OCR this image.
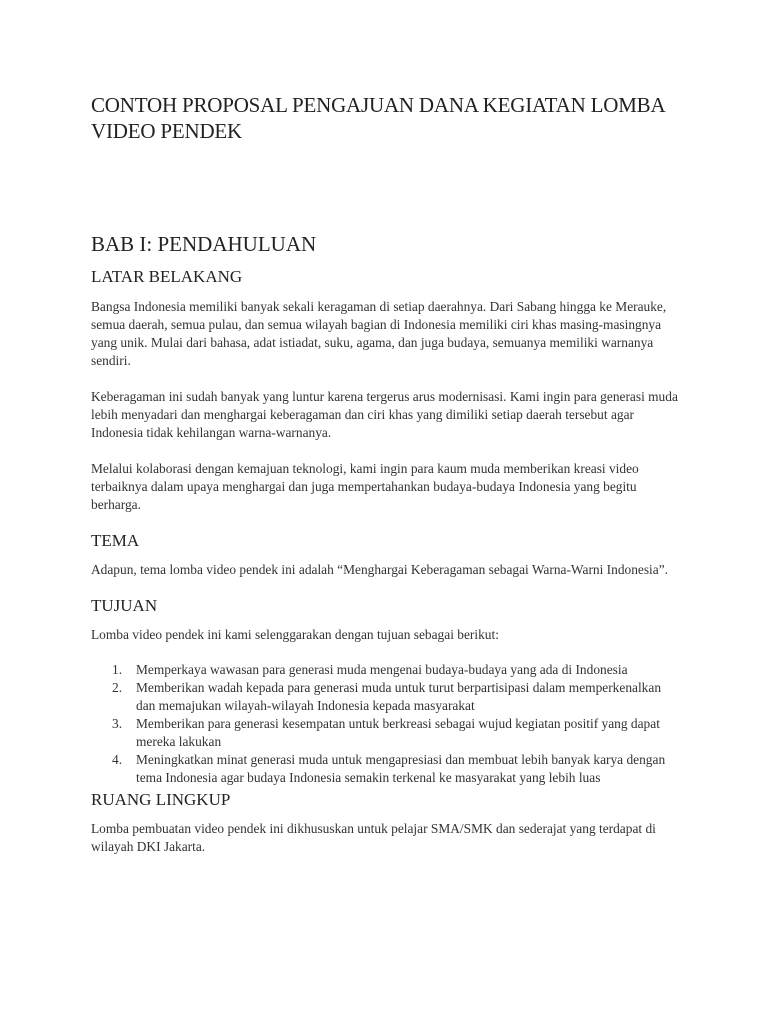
CONTOH PROPOSAL PENGAJUAN DANA KEGIATAN LOMBA VIDEO PENDEK
BAB I: PENDAHULUAN
LATAR BELAKANG

Bangsa Indonesia memiliki banyak sekali keragaman di setiap daerahnya. Dari Sabang hingga ke Merauke, semua daerah, semua pulau, dan semua wilayah bagian di Indonesia memiliki ciri khas masing-masingnya yang unik. Mulai dari bahasa, adat istiadat, suku, agama, dan juga budaya, semuanya memiliki warnanya sendiri.

Keberagaman ini sudah banyak yang luntur karena tergerus arus modernisasi. Kami ingin para generasi muda lebih menyadari dan menghargai keberagaman dan ciri khas yang dimiliki setiap daerah tersebut agar Indonesia tidak kehilangan warna-warnanya.

Melalui kolaborasi dengan kemajuan teknologi, kami ingin para kaum muda memberikan kreasi video terbaiknya dalam upaya menghargai dan juga mempertahankan budaya-budaya Indonesia yang begitu berharga.

TEMA

Adapun, tema lomba video pendek ini adalah “Menghargai Keberagaman sebagai Warna-Warni Indonesia”.

TUJUAN

Lomba video pendek ini kami selenggarakan dengan tujuan sebagai berikut:

1. Memperkaya wawasan para generasi muda mengenai budaya-budaya yang ada di Indonesia
2. Memberikan wadah kepada para generasi muda untuk turut berpartisipasi dalam memperkenalkan dan memajukan wilayah-wilayah Indonesia kepada masyarakat
3. Memberikan para generasi kesempatan untuk berkreasi sebagai wujud kegiatan positif yang dapat mereka lakukan
4. Meningkatkan minat generasi muda untuk mengapresiasi dan membuat lebih banyak karya dengan tema Indonesia agar budaya Indonesia semakin terkenal ke masyarakat yang lebih luas
RUANG LINGKUP

Lomba pembuatan video pendek ini dikhususkan untuk pelajar SMA/SMK dan sederajat yang terdapat di wilayah DKI Jakarta.
